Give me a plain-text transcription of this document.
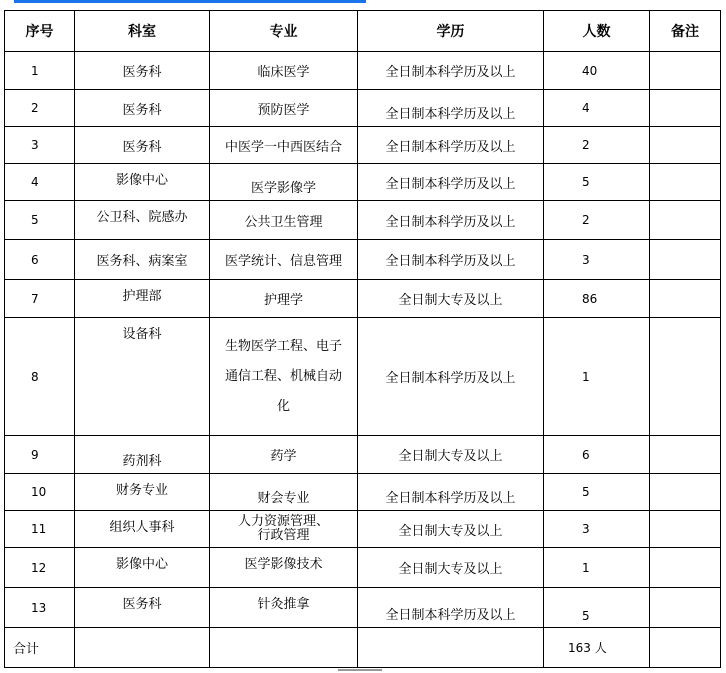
序号	科室	专业	学历	人数	备注
1	医务科	临床医学	全日制本科学历及以上	40	
2	医务科	预防医学	全日制本科学历及以上	4	
3	医务科	中医学一中西医结合	全日制本科学历及以上	2	
4	影像中心	医学影像学	全日制本科学历及以上	5	
5	公卫科、院感办	公共卫生管理	全日制本科学历及以上	2	
6	医务科、病案室	医学统计、信息管理	全日制本科学历及以上	3	
7	护理部	护理学	全日制大专及以上	86	
8	设备科	生物医学工程、电子
通信工程、机械自动
化	全日制本科学历及以上	1	
9	药剂科	药学	全日制大专及以上	6	
10	财务专业	财会专业	全日制本科学历及以上	5	
11	组织人事科	人力资源管理、
行政管理	全日制大专及以上	3	
12	影像中心	医学影像技术	全日制大专及以上	1	
13	医务科	针灸推拿	全日制本科学历及以上	5	
合计				163 人	
